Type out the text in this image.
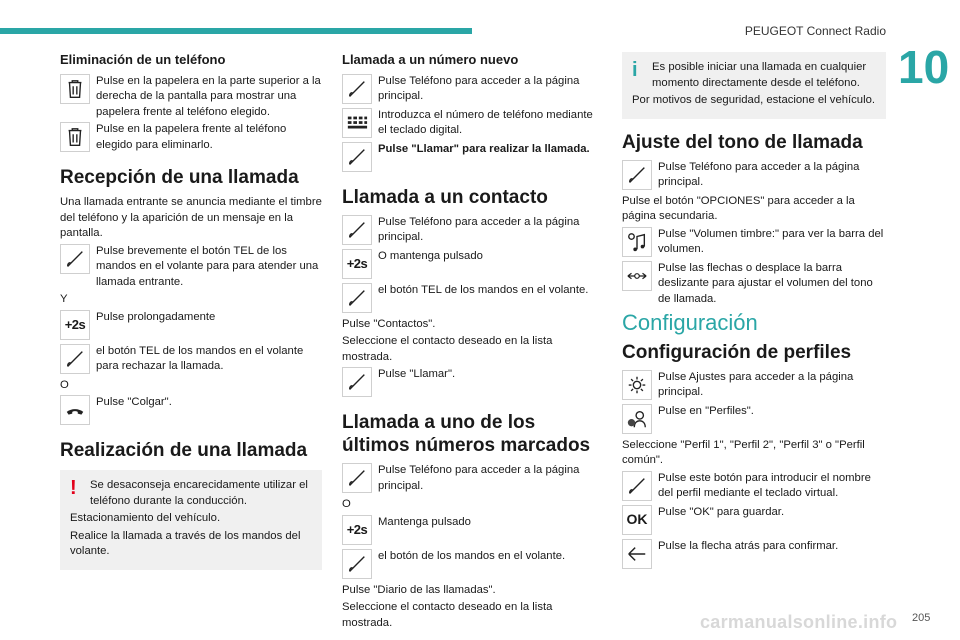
PEUGEOT Connect Radio
10
Eliminación de un teléfono
Pulse en la papelera en la parte superior a la derecha de la pantalla para mostrar una papelera frente al teléfono elegido.
Pulse en la papelera frente al teléfono elegido para eliminarlo.
Recepción de una llamada

Una llamada entrante se anuncia mediante el timbre del teléfono y la aparición de un mensaje en la pantalla.

Pulse brevemente el botón TEL de los mandos en el volante para para atender una llamada entrante.

Y

+2s
Pulse prolongadamente
el botón TEL de los mandos en el volante para rechazar la llamada.

O

Pulse "Colgar".
Realización de una llamada
!	Se desaconseja encarecidamente utilizar el teléfono durante la conducción.

Estacionamiento del vehículo.

Realice la llamada a través de los mandos del volante.

Llamada a un número nuevo
Pulse Teléfono para acceder a la página principal.
Introduzca el número de teléfono mediante el teclado digital.
Pulse "Llamar" para realizar la llamada.
Llamada a un contacto
Pulse Teléfono para acceder a la página principal.
+2s
O mantenga pulsado
el botón TEL de los mandos en el volante.

Pulse "Contactos".

Seleccione el contacto deseado en la lista mostrada.

Pulse "Llamar".
Llamada a uno de los últimos números marcados
Pulse Teléfono para acceder a la página principal.

O

+2s
Mantenga pulsado
el botón de los mandos en el volante.

Pulse "Diario de las llamadas".

Seleccione el contacto deseado en la lista mostrada.

i	Es posible iniciar una llamada en cualquier momento directamente desde el teléfono.

Por motivos de seguridad, estacione el vehículo.

Ajuste del tono de llamada
Pulse Teléfono para acceder a la página principal.

Pulse el botón "OPCIONES" para acceder a la página secundaria.

Pulse "Volumen timbre:" para ver la barra del volumen.
Pulse las flechas o desplace la barra deslizante para ajustar el volumen del tono de llamada.
Configuración
Configuración de perfiles
Pulse Ajustes para acceder a la página principal.
Pulse en "Perfiles".

Seleccione "Perfil 1", "Perfil 2", "Perfil 3" o "Perfil común".

Pulse este botón para introducir el nombre del perfil mediante el teclado virtual.
OK Pulse "OK" para guardar.
Pulse la flecha atrás para confirmar.
carmanualsonline.info 205
